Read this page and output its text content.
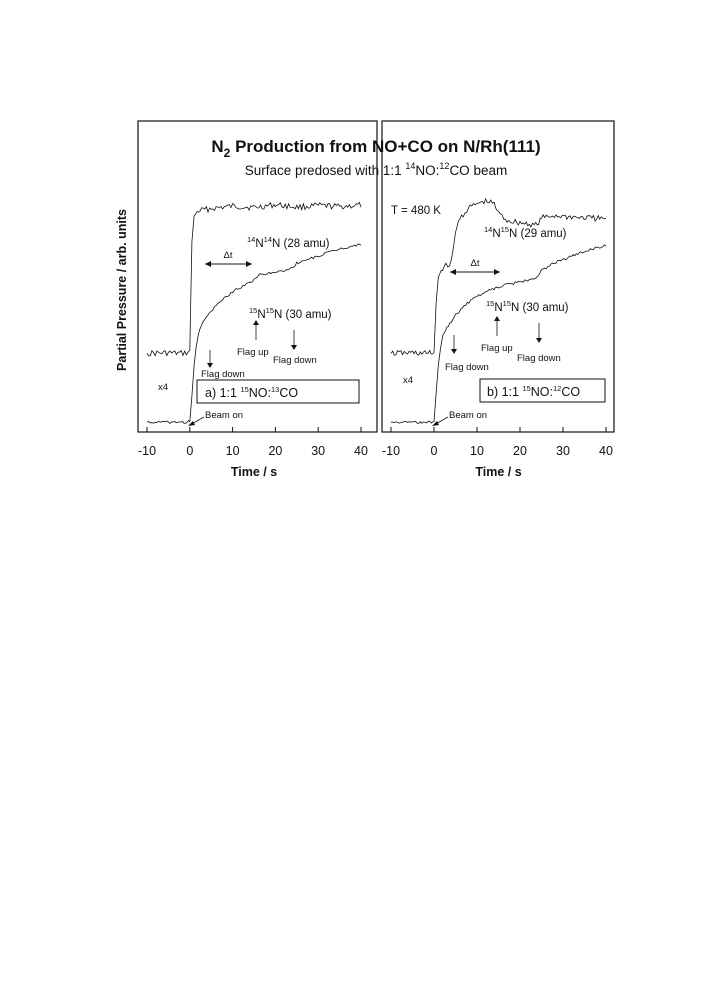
$N_2$ Production from NO+CO on N/Rh(111)
Surface predosed with 1:1 $^{14}$NO:$^{12}$CO beam
Partial Pressure / arb. units
-10 0	10 20 30 40
Time / s
-10 0	10 20 30 40
Time / s
$^{14}N^{14}N$ (28 amu)
Δt
$^{15}N^{15}N$ (30 amu)
x4
Flag down
Flag up
Flag down
Beam on
a) 1:1 $^{15}$NO:$^{13}$CO
T = 480 K
$^{14}N^{15}N$ (29 amu)
Δt
$^{15}N^{15}N$ (30 amu)
x4
Flag down
Flag up
Flag down
Beam on
b) 1:1 $^{15}$NO:$^{12}$CO
